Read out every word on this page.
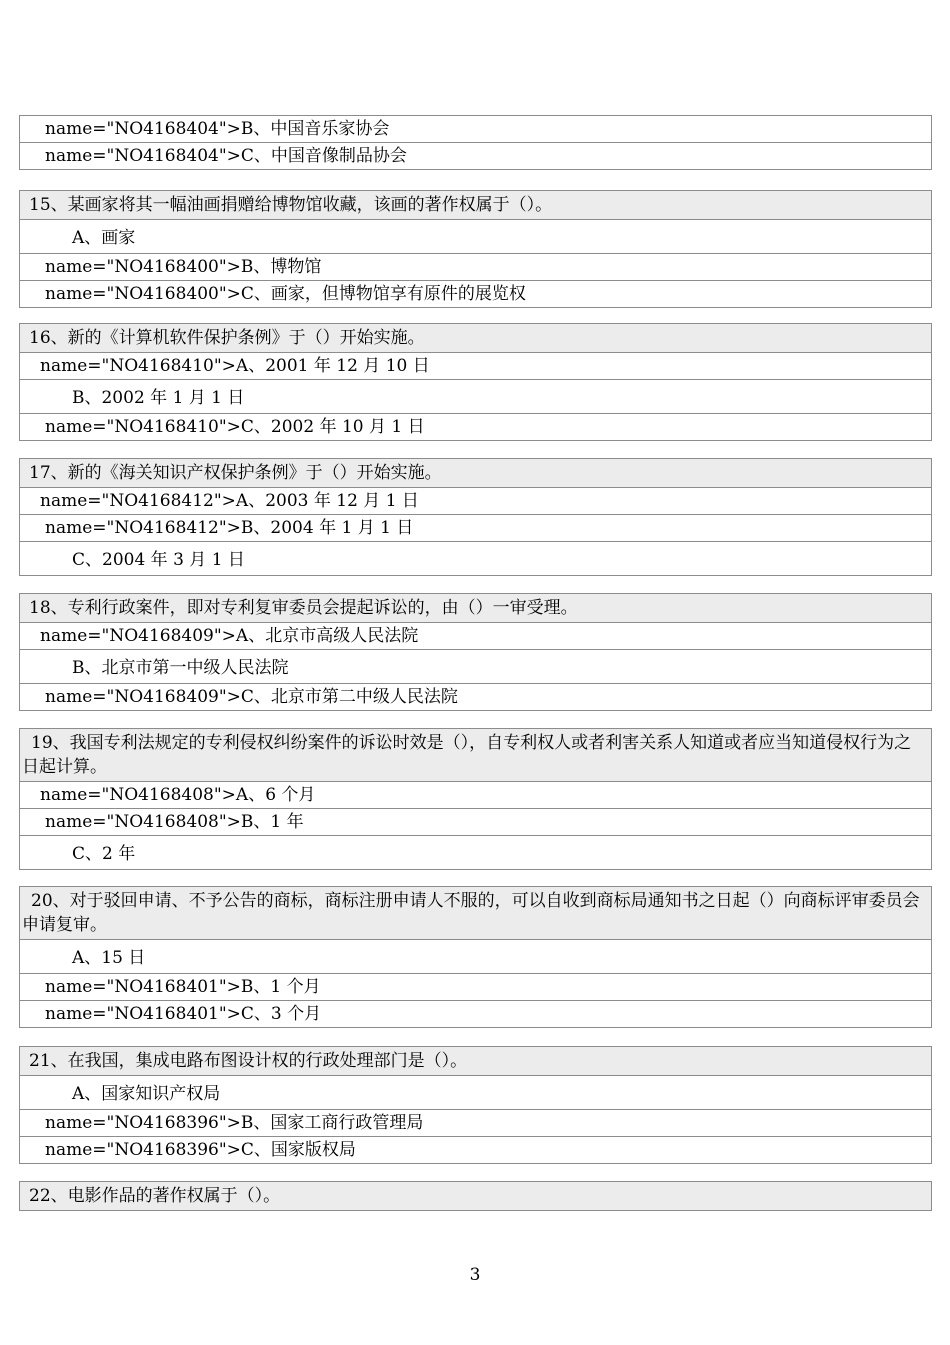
name="NO4168404">B、中国音乐家协会
name="NO4168404">C、中国音像制品协会
15、某画家将其一幅油画捐赠给博物馆收藏，该画的著作权属于（）。
A、画家
name="NO4168400">B、博物馆
name="NO4168400">C、画家，但博物馆享有原件的展览权
16、新的《计算机软件保护条例》于（）开始实施。
name="NO4168410">A、2001 年 12 月 10 日
B、2002 年 1 月 1 日
name="NO4168410">C、2002 年 10 月 1 日
17、新的《海关知识产权保护条例》于（）开始实施。
name="NO4168412">A、2003 年 12 月 1 日
name="NO4168412">B、2004 年 1 月 1 日
C、2004 年 3 月 1 日
18、专利行政案件，即对专利复审委员会提起诉讼的，由（）一审受理。
name="NO4168409">A、北京市高级人民法院
B、北京市第一中级人民法院
name="NO4168409">C、北京市第二中级人民法院
19、我国专利法规定的专利侵权纠纷案件的诉讼时效是（），自专利权人或者利害关系人知道或者应当知道侵权行为之日起计算。
name="NO4168408">A、6 个月
name="NO4168408">B、1 年
C、2 年
20、对于驳回申请、不予公告的商标，商标注册申请人不服的，可以自收到商标局通知书之日起（）向商标评审委员会申请复审。
A、15 日
name="NO4168401">B、1 个月
name="NO4168401">C、3 个月
21、在我国，集成电路布图设计权的行政处理部门是（）。
A、国家知识产权局
name="NO4168396">B、国家工商行政管理局
name="NO4168396">C、国家版权局
22、电影作品的著作权属于（）。
3
